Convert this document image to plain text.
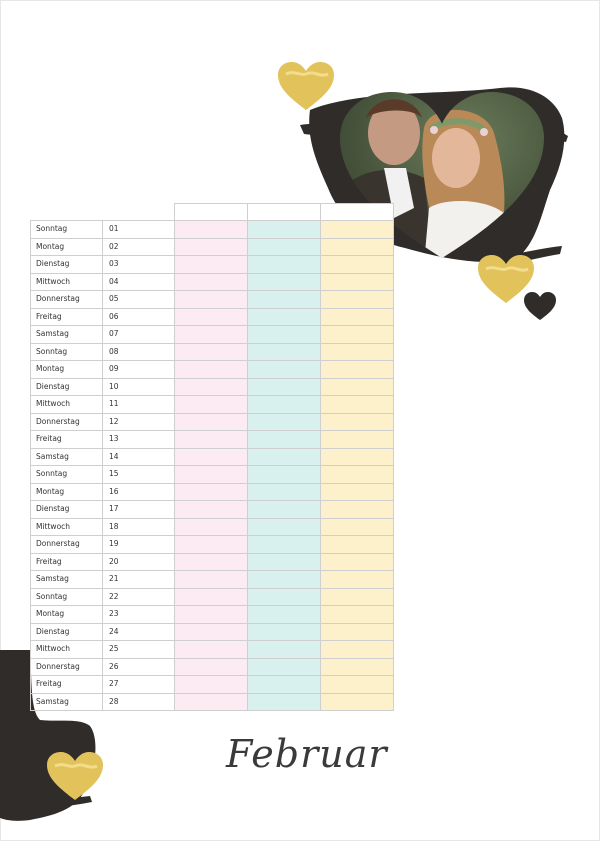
Sonntag	01			
Montag	02			
Dienstag	03			
Mittwoch	04			
Donnerstag	05			
Freitag	06			
Samstag	07			
Sonntag	08			
Montag	09			
Dienstag	10			
Mittwoch	11			
Donnerstag	12			
Freitag	13			
Samstag	14			
Sonntag	15			
Montag	16			
Dienstag	17			
Mittwoch	18			
Donnerstag	19			
Freitag	20			
Samstag	21			
Sonntag	22			
Montag	23			
Dienstag	24			
Mittwoch	25			
Donnerstag	26			
Freitag	27			
Samstag	28			
Februar
